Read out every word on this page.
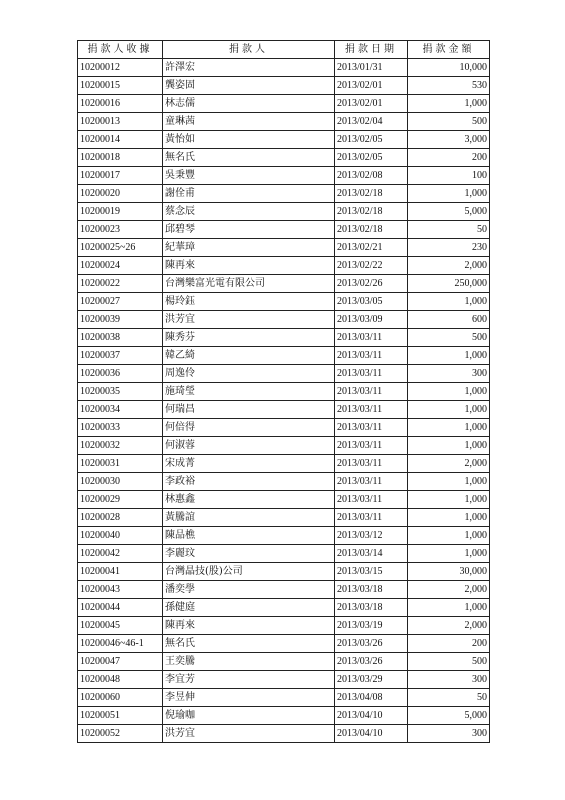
捐款人收據	捐款人	捐款日期	捐款金額
10200012	許澤宏	2013/01/31	10,000
10200015	龔姿固	2013/02/01	530
10200016	林志儒	2013/02/01	1,000
10200013	童琳茜	2013/02/04	500
10200014	黃怡如	2013/02/05	3,000
10200018	無名氏	2013/02/05	200
10200017	吳秉豐	2013/02/08	100
10200020	謝佺甫	2013/02/18	1,000
10200019	蔡念辰	2013/02/18	5,000
10200023	邱碧琴	2013/02/18	50
10200025~26	紀華璋	2013/02/21	230
10200024	陳再來	2013/02/22	2,000
10200022	台灣樂富光電有限公司	2013/02/26	250,000
10200027	楊玲鈺	2013/03/05	1,000
10200039	洪芳宜	2013/03/09	600
10200038	陳秀芬	2013/03/11	500
10200037	韓乙綺	2013/03/11	1,000
10200036	周逸伶	2013/03/11	300
10200035	施琦瑩	2013/03/11	1,000
10200034	何瑞昌	2013/03/11	1,000
10200033	何倍得	2013/03/11	1,000
10200032	何淑蓉	2013/03/11	1,000
10200031	宋成菁	2013/03/11	2,000
10200030	李政裕	2013/03/11	1,000
10200029	林惠鑫	2013/03/11	1,000
10200028	黃騰誼	2013/03/11	1,000
10200040	陳品樵	2013/03/12	1,000
10200042	李麗玟	2013/03/14	1,000
10200041	台灣晶技(股)公司	2013/03/15	30,000
10200043	潘奕學	2013/03/18	2,000
10200044	孫健庭	2013/03/18	1,000
10200045	陳再來	2013/03/19	2,000
10200046~46-1	無名氏	2013/03/26	200
10200047	王奕騰	2013/03/26	500
10200048	李宜芳	2013/03/29	300
10200060	李昱伸	2013/04/08	50
10200051	倪瑜咖	2013/04/10	5,000
10200052	洪芳宜	2013/04/10	300
